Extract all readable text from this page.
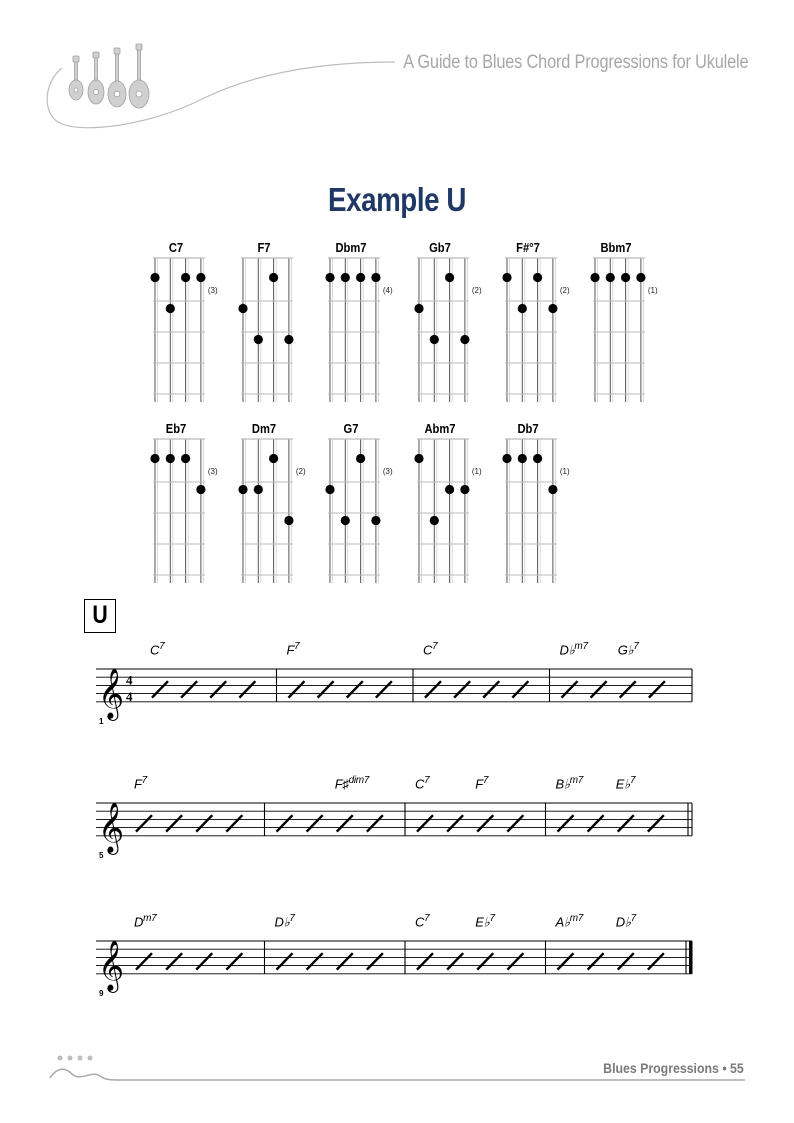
A Guide to Blues Chord Progressions for Ukulele
Example U
C7
(3)
F7	Dbm7
(4)
Gb7
(2)
F#°7
(2)
Bbm7
(1)
Eb7
(3)
Dm7
(2)
G7
(3)
Abm7
(1)
Db7
(1)
U
𝄞 4
4
1
𝄞
5
𝄞
9
$C^7$	$F^7$	$C^7$	D♭$^{m7}$ G♭$^7$
$F^7$	F♯$^{dim7}$	$C^7$	$F^7$	B♭$^{m7}$	E♭$^7$
$D^{m7}$	D♭$^7$	$C^7$	E♭$^7$	A♭$^{m7}$	D♭$^7$
Blues Progressions • 55
